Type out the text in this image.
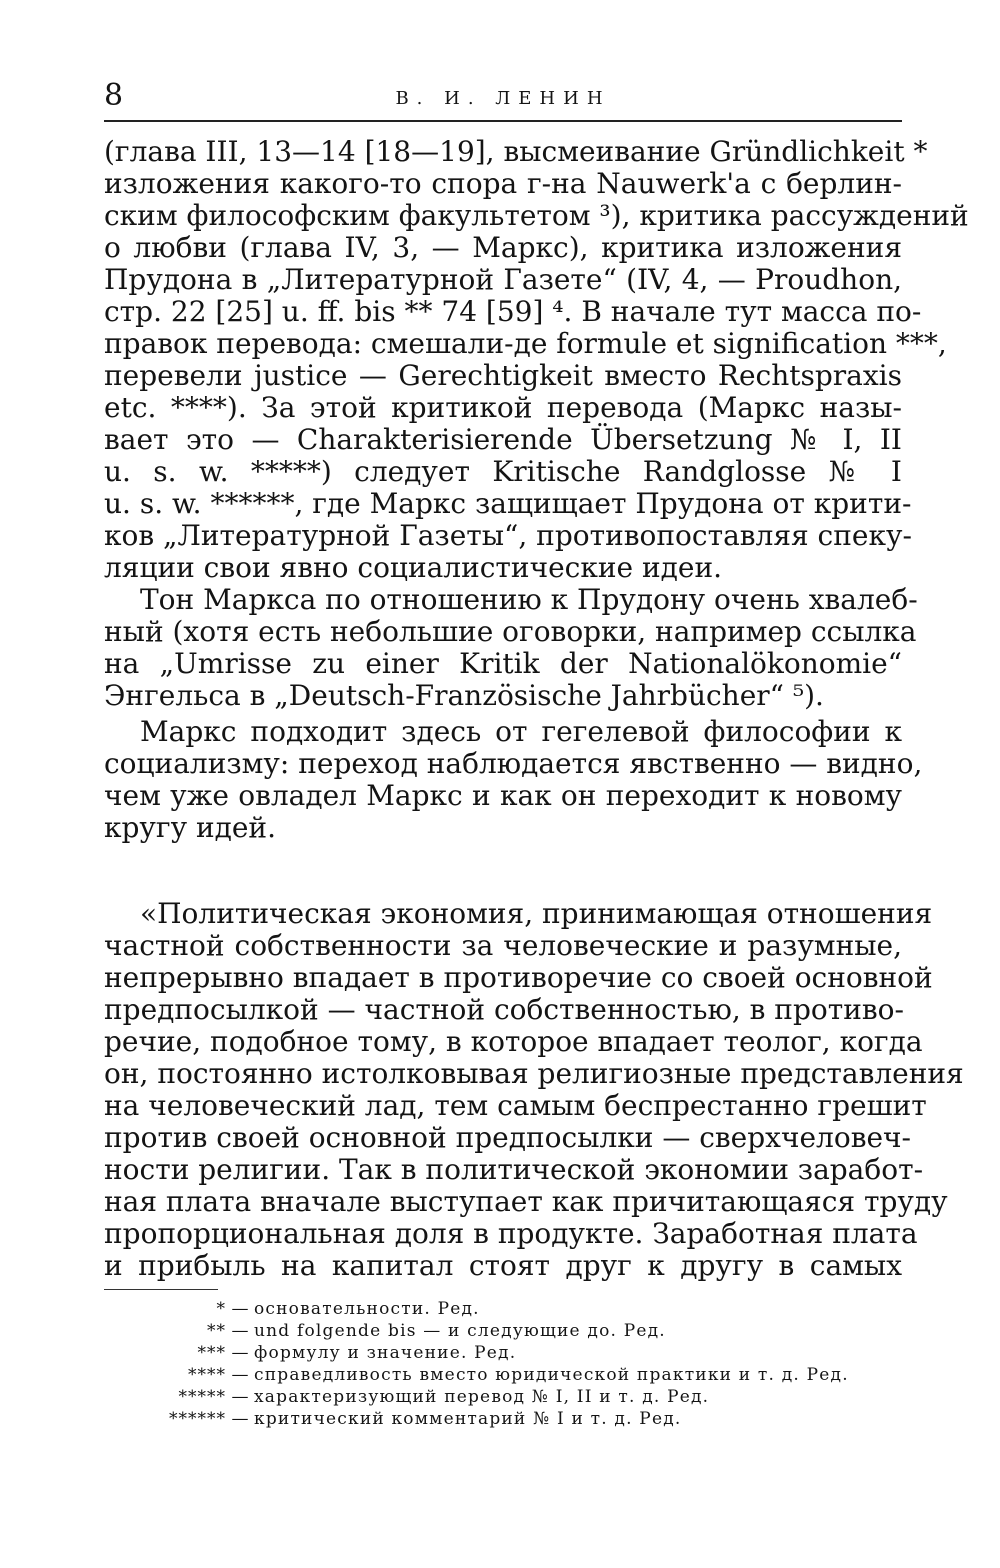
8	В. И. ЛЕНИН

(глава III, 13—14 [18—19], высмеивание Gründlichkeit *

изложения какого-то спора г-на Nauwerk'a с берлин-

ским философским факультетом ³), критика рассуждений

о любви (глава IV, 3, — Маркс), критика изложения

Прудона в „Литературной Газете“ (IV, 4, — Proudhon,

стр. 22 [25] u. ff. bis ** 74 [59] ⁴. В начале тут масса по-

правок перевода: смешали-де formule et signification ***,

перевели justice — Gerechtigkeit вместо Rechtspraxis

etc. ****). За этой критикой перевода (Маркс назы-

вает это — Charakterisierende Übersetzung № I, II

u. s. w. *****) следует Kritische Randglosse № I

u. s. w. ******, где Маркс защищает Прудона от крити-

ков „Литературной Газеты“, противопоставляя спеку-

ляции свои явно социалистические идеи.

Тон Маркса по отношению к Прудону очень хвалеб-

ный (хотя есть небольшие оговорки, например ссылка

на „Umrisse zu einer Kritik der Nationalökonomie“

Энгельса в „Deutsch-Französische Jahrbücher“ ⁵).

Маркс подходит здесь от гегелевой философии к

социализму: переход наблюдается явственно — видно,

чем уже овладел Маркс и как он переходит к новому

кругу идей.

«Политическая экономия, принимающая отношения

частной собственности за человеческие и разумные,

непрерывно впадает в противоречие со своей основной

предпосылкой — частной собственностью, в противо-

речие, подобное тому, в которое впадает теолог, когда

он, постоянно истолковывая религиозные представления

на человеческий лад, тем самым беспрестанно грешит

против своей основной предпосылки — сверхчеловеч-

ности религии. Так в политической экономии заработ-

ная плата вначале выступает как причитающаяся труду

пропорциональная доля в продукте. Заработная плата

и прибыль на капитал стоят друг к другу в самых

* — основательности. Ред.
** — und folgende bis — и следующие до. Ред.
*** — формулу и значение. Ред.
**** — справедливость вместо юридической практики и т. д. Ред.
***** — характеризующий перевод № I, II и т. д. Ред.
****** — критический комментарий № I и т. д. Ред.
